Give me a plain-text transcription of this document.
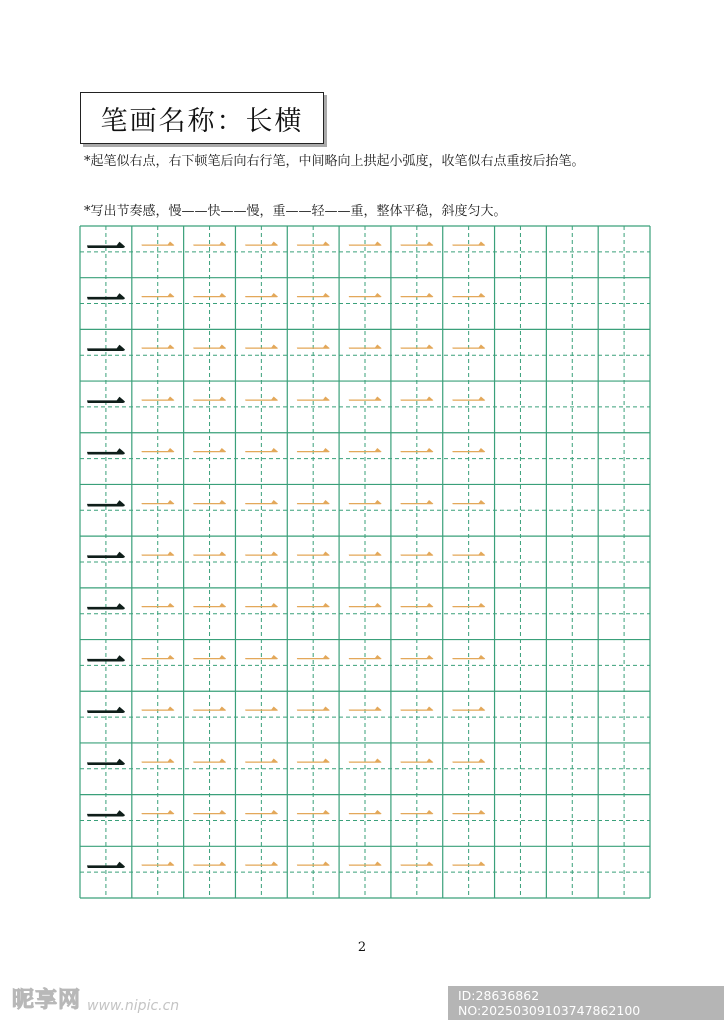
笔画名称：长横
*起笔似右点，右下顿笔后向右行笔，中间略向上拱起小弧度，收笔似右点重按后抬笔。
*写出节奏感，慢——快——慢，重——轻——重，整体平稳，斜度匀大。
一 一 一 一 一 一 一 一
一 一 一 一 一 一 一 一
一 一 一 一 一 一 一 一
一 一 一 一 一 一 一 一
一 一 一 一 一 一 一 一
一 一 一 一 一 一 一 一
一 一 一 一 一 一 一 一
一 一 一 一 一 一 一 一
一 一 一 一 一 一 一 一
一 一 一 一 一 一 一 一
一 一 一 一 一 一 一 一
一 一 一 一 一 一 一 一
一 一 一 一 一 一 一 一
2
昵享网 www.nipic.cn
ID:28636862 NO:20250309103747862100
